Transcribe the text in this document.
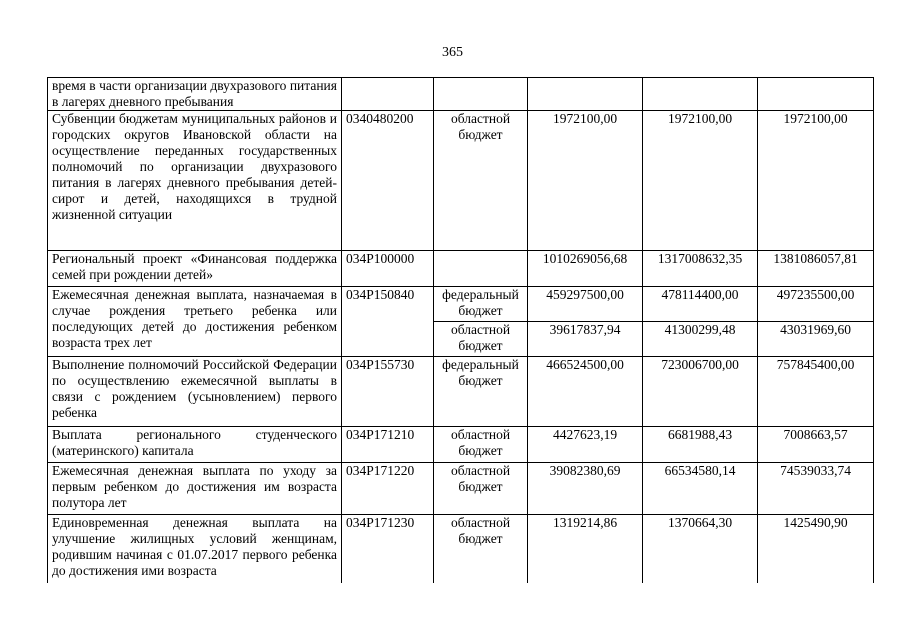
365
время в части организации двухразового питания в лагерях дневного пребывания					
Субвенции бюджетам муниципальных районов и городских округов Ивановской области на осуществление переданных государственных полномочий по организации двухразового питания в лагерях дневного пребывания детей-сирот и детей, находящихся в трудной жизненной ситуации	0340480200	областной бюджет	1972100,00	1972100,00	1972100,00
Региональный проект «Финансовая поддержка семей при рождении детей»	034P100000		1010269056,68	1317008632,35	1381086057,81
Ежемесячная денежная выплата, назначаемая в случае рождения третьего ребенка или последующих детей до достижения ребенком возраста трех лет	034P150840	федеральный бюджет	459297500,00	478114400,00	497235500,00
		областной бюджет	39617837,94	41300299,48	43031969,60
Выполнение полномочий Российской Федерации по осуществлению ежемесячной выплаты в связи с рождением (усыновлением) первого ребенка	034P155730	федеральный бюджет	466524500,00	723006700,00	757845400,00
Выплата регионального студенческого (материнского) капитала	034P171210	областной бюджет	4427623,19	6681988,43	7008663,57
Ежемесячная денежная выплата по уходу за первым ребенком до достижения им возраста полутора лет	034P171220	областной бюджет	39082380,69	66534580,14	74539033,74
Единовременная денежная выплата на улучшение жилищных условий женщинам, родившим начиная с 01.07.2017 первого ребенка до достижения ими возраста	034P171230	областной бюджет	1319214,86	1370664,30	1425490,90
